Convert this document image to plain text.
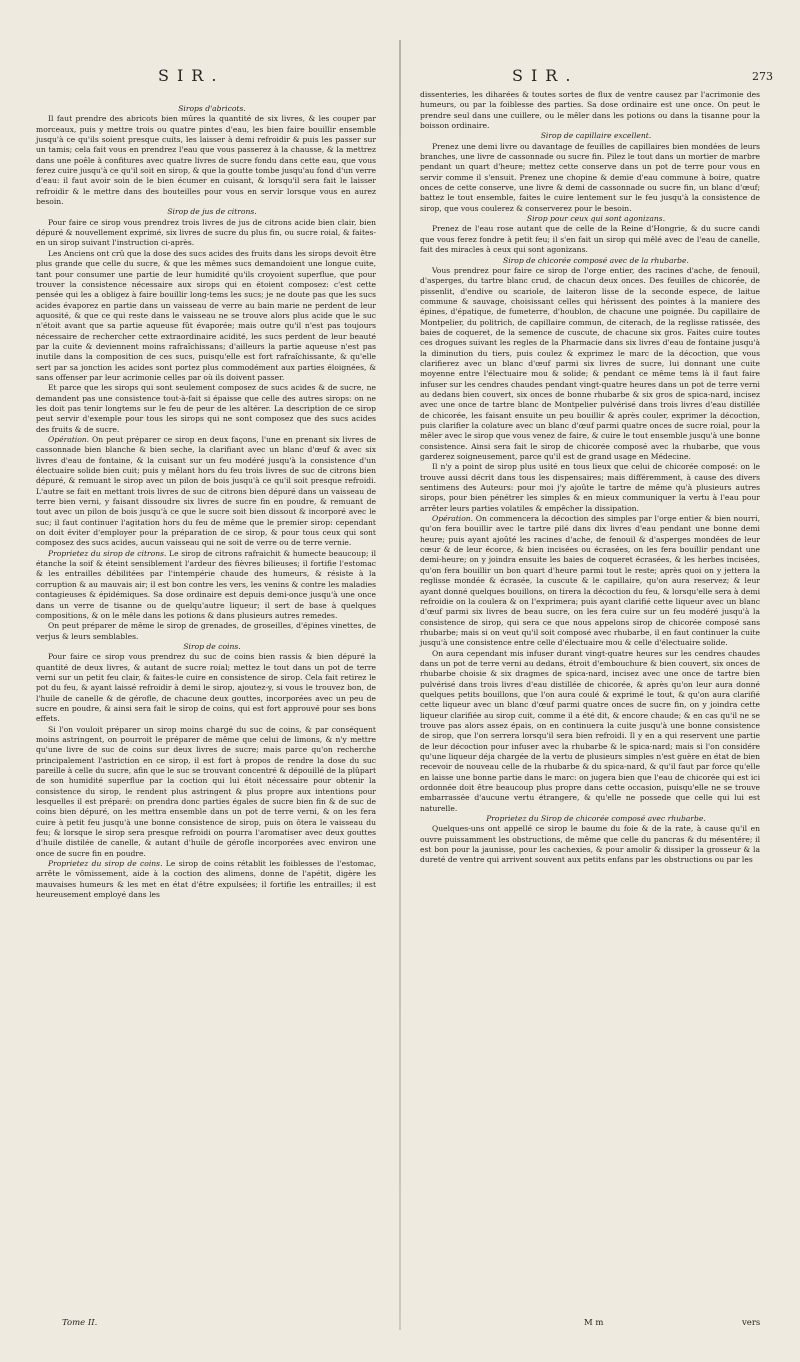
SIR.	SIR.	273

Sirops d'abricots.

Il faut prendre des abricots bien mûres la quantité de six livres, & les couper par morceaux, puis y mettre trois ou quatre pintes d'eau, les bien faire bouillir ensemble jusqu'à ce qu'ils soient presque cuits, les laisser à demi refroidir & puis les passer sur un tamis; cela fait vous en prendrez l'eau que vous passerez à la chausse, & la mettrez dans une poêle à confitures avec quatre livres de sucre fondu dans cette eau, que vous ferez cuire jusqu'à ce qu'il soit en sirop, & que la goutte tombe jusqu'au fond d'un verre d'eau: il faut avoir soin de le bien écumer en cuisant, & lorsqu'il sera fait le laisser refroidir & le mettre dans des bouteilles pour vous en servir lorsque vous en aurez besoin.

Sirop de jus de citrons.

Pour faire ce sirop vous prendrez trois livres de jus de citrons acide bien clair, bien dépuré & nouvellement exprimé, six livres de sucre du plus fin, ou sucre roial, & faites-en un sirop suivant l'instruction ci-après.

Les Anciens ont crû que la dose des sucs acides des fruits dans les sirops devoit être plus grande que celle du sucre, & que les mêmes sucs demandoient une longue cuite, tant pour consumer une partie de leur humidité qu'ils croyoient superflue, que pour trouver la consistence nécessaire aux sirops qui en étoient composez: c'est cette pensée qui les a obligez à faire bouillir long-tems les sucs; je ne doute pas que les sucs acides évaporez en partie dans un vaisseau de verre au bain marie ne perdent de leur aquosité, & que ce qui reste dans le vaisseau ne se trouve alors plus acide que le suc n'étoit avant que sa partie aqueuse fût évaporée; mais outre qu'il n'est pas toujours nécessaire de rechercher cette extraordinaire acidité, les sucs perdent de leur beauté par la cuite & deviennent moins rafraîchissans; d'ailleurs la partie aqueuse n'est pas inutile dans la composition de ces sucs, puisqu'elle est fort rafraîchissante, & qu'elle sert par sa jonction les acides sont portez plus commodément aux parties éloignées, & sans offenser par leur acrimonie celles par où ils doivent passer.

Et parce que les sirops qui sont seulement composez de sucs acides & de sucre, ne demandent pas une consistence tout-à-fait si épaisse que celle des autres sirops: on ne les doit pas tenir longtems sur le feu de peur de les altérer. La description de ce sirop peut servir d'exemple pour tous les sirops qui ne sont composez que des sucs acides des fruits & de sucre.

Opération. On peut préparer ce sirop en deux façons, l'une en prenant six livres de cassonnade bien blanche & bien seche, la clarifiant avec un blanc d'œuf & avec six livres d'eau de fontaine, & la cuisant sur un feu modéré jusqu'à la consistence d'un électuaire solide bien cuit; puis y mêlant hors du feu trois livres de suc de citrons bien dépuré, & remuant le sirop avec un pilon de bois jusqu'à ce qu'il soit presque refroidi. L'autre se fait en mettant trois livres de suc de citrons bien dépuré dans un vaisseau de terre bien verni, y faisant dissoudre six livres de sucre fin en poudre, & remuant de tout avec un pilon de bois jusqu'à ce que le sucre soit bien dissout & incorporé avec le suc; il faut continuer l'agitation hors du feu de même que le premier sirop: cependant on doit éviter d'employer pour la préparation de ce sirop, & pour tous ceux qui sont composez des sucs acides, aucun vaisseau qui ne soit de verre ou de terre vernie.

Proprietez du sirop de citrons. Le sirop de citrons rafraichit & humecte beaucoup; il étanche la soif & éteint sensiblement l'ardeur des fièvres bilieuses; il fortifie l'estomac & les entrailles débilitées par l'intempérie chaude des humeurs, & résiste à la corruption & au mauvais air; il est bon contre les vers, les venins & contre les maladies contagieuses & épidémiques. Sa dose ordinaire est depuis demi-once jusqu'à une once dans un verre de tisanne ou de quelqu'autre liqueur; il sert de base à quelques compositions, & on le mêle dans les potions & dans plusieurs autres remedes.

On peut préparer de même le sirop de grenades, de groseilles, d'épines vinettes, de verjus & leurs semblables.

Sirop de coins.

Pour faire ce sirop vous prendrez du suc de coins bien rassis & bien dépuré la quantité de deux livres, & autant de sucre roial; mettez le tout dans un pot de terre verni sur un petit feu clair, & faites-le cuire en consistence de sirop. Cela fait retirez le pot du feu, & ayant laissé refroidir à demi le sirop, ajoutez-y, si vous le trouvez bon, de l'huile de canelle & de gérofle, de chacune deux gouttes, incorporées avec un peu de sucre en poudre, & ainsi sera fait le sirop de coins, qui est fort approuvé pour ses bons effets.

Si l'on vouloit préparer un sirop moins chargé du suc de coins, & par conséquent moins astringent, on pourroit le préparer de même que celui de limons, & n'y mettre qu'une livre de suc de coins sur deux livres de sucre; mais parce qu'on recherche principalement l'astriction en ce sirop, il est fort à propos de rendre la dose du suc pareille à celle du sucre, afin que le suc se trouvant concentré & dépouillé de la plûpart de son humidité superflue par la coction qui lui étoit nécessaire pour obtenir la consistence du sirop, le rendent plus astringent & plus propre aux intentions pour lesquelles il est préparé: on prendra donc parties égales de sucre bien fin & de suc de coins bien dépuré, on les mettra ensemble dans un pot de terre verni, & on les fera cuire à petit feu jusqu'à une bonne consistence de sirop, puis on ôtera le vaisseau du feu; & lorsque le sirop sera presque refroidi on pourra l'aromatiser avec deux gouttes d'huile distilée de canelle, & autant d'huile de gérofle incorporées avec environ une once de sucre fin en poudre.

Proprietez du sirop de coins. Le sirop de coins rétablit les foiblesses de l'estomac, arrête le vômissement, aide à la coction des alimens, donne de l'apétit, digère les mauvaises humeurs & les met en état d'être expulsées; il fortifie les entrailles; il est heureusement employé dans les

dissenteries, les diharées & toutes sortes de flux de ventre causez par l'acrimonie des humeurs, ou par la foiblesse des parties. Sa dose ordinaire est une once. On peut le prendre seul dans une cuillere, ou le mêler dans les potions ou dans la tisanne pour la boisson ordinaire.

Sirop de capillaire excellent.

Prenez une demi livre ou davantage de feuilles de capillaires bien mondées de leurs branches, une livre de cassonnade ou sucre fin. Pilez le tout dans un mortier de marbre pendant un quart d'heure; mettez cette conserve dans un pot de terre pour vous en servir comme il s'ensuit. Prenez une chopine & demie d'eau commune à boire, quatre onces de cette conserve, une livre & demi de cassonnade ou sucre fin, un blanc d'œuf; battez le tout ensemble, faites le cuire lentement sur le feu jusqu'à la consistence de sirop, que vous coulerez & conserverez pour le besoin.

Sirop pour ceux qui sont agonizans.

Prenez de l'eau rose autant que de celle de la Reine d'Hongrie, & du sucre candi que vous ferez fondre à petit feu; il s'en fait un sirop qui mêlé avec de l'eau de canelle, fait des miracles à ceux qui sont agonizans.

Sirop de chicorée composé avec de la rhubarbe.

Vous prendrez pour faire ce sirop de l'orge entier, des racines d'ache, de fenouil, d'asperges, du tartre blanc crud, de chacun deux onces. Des feuilles de chicorée, de pissenlit, d'endive ou scariole, de laiteron lisse de la seconde espece, de laitue commune & sauvage, choisissant celles qui hérissent des pointes à la maniere des épines, d'épatique, de fumeterre, d'houblon, de chacune une poignée. Du capillaire de Montpelier, du politrich, de capillaire commun, de citerach, de la reglisse ratissée, des baies de coqueret, de la semence de cuscute, de chacune six gros. Faites cuire toutes ces drogues suivant les regles de la Pharmacie dans six livres d'eau de fontaine jusqu'à la diminution du tiers, puis coulez & exprimez le marc de la décoction, que vous clarifierez avec un blanc d'œuf parmi six livres de sucre, lui donnant une cuite moyenne entre l'électuaire mou & solide; & pendant ce même tems là il faut faire infuser sur les cendres chaudes pendant vingt-quatre heures dans un pot de terre verni au dedans bien couvert, six onces de bonne rhubarbe & six gros de spica-nard, incisez avec une once de tartre blanc de Montpelier pulvérisé dans trois livres d'eau distillée de chicorée, les faisant ensuite un peu bouillir & après couler, exprimer la décoction, puis clarifier la colature avec un blanc d'œuf parmi quatre onces de sucre roial, pour la mêler avec le sirop que vous venez de faire, & cuire le tout ensemble jusqu'à une bonne consistence. Ainsi sera fait le sirop de chicorée composé avec la rhubarbe, que vous garderez soigneusement, parce qu'il est de grand usage en Médecine.

Il n'y a point de sirop plus usité en tous lieux que celui de chicorée composé: on le trouve aussi décrit dans tous les dispensaires; mais différemment, à cause des divers sentimens des Auteurs: pour moi j'y ajoûte le tartre de même qu'à plusieurs autres sirops, pour bien pénétrer les simples & en mieux communiquer la vertu à l'eau pour arrêter leurs parties volatiles & empêcher la dissipation.

Opération. On commencera la décoction des simples par l'orge entier & bien nourri, qu'on fera bouillir avec le tartre pilé dans dix livres d'eau pendant une bonne demi heure; puis ayant ajoûté les racines d'ache, de fenouil & d'asperges mondées de leur cœur & de leur écorce, & bien incisées ou écrasées, on les fera bouillir pendant une demi-heure; on y joindra ensuite les baies de coqueret écrasées, & les herbes incisées, qu'on fera bouillir un bon quart d'heure parmi tout le reste; après quoi on y jettera la reglisse mondée & écrasée, la cuscute & le capillaire, qu'on aura reservez; & leur ayant donné quelques bouillons, on tirera la décoction du feu, & lorsqu'elle sera à demi refroidie on la coulera & on l'exprimera; puis ayant clarifié cette liqueur avec un blanc d'œuf parmi six livres de beau sucre, on les fera cuire sur un feu modéré jusqu'à la consistence de sirop, qui sera ce que nous appelons sirop de chicorée composé sans rhubarbe; mais si on veut qu'il soit composé avec rhubarbe, il en faut continuer la cuite jusqu'à une consistence entre celle d'électuaire mou & celle d'électuaire solide.

On aura cependant mis infuser durant vingt-quatre heures sur les cendres chaudes dans un pot de terre verni au dedans, étroit d'embouchure & bien couvert, six onces de rhubarbe choisie & six dragmes de spica-nard, incisez avec une once de tartre bien pulvérisé dans trois livres d'eau distillée de chicorée, & après qu'on leur aura donné quelques petits bouillons, que l'on aura coulé & exprimé le tout, & qu'on aura clarifié cette liqueur avec un blanc d'œuf parmi quatre onces de sucre fin, on y joindra cette liqueur clarifiée au sirop cuit, comme il a été dit, & encore chaude; & en cas qu'il ne se trouve pas alors assez épais, on en continuera la cuite jusqu'à une bonne consistence de sirop, que l'on serrera lorsqu'il sera bien refroidi. Il y en a qui reservent une partie de leur décoction pour infuser avec la rhubarbe & le spica-nard; mais si l'on considére qu'une liqueur déja chargée de la vertu de plusieurs simples n'est guère en état de bien recevoir de nouveau celle de la rhubarbe & du spica-nard, & qu'il faut par force qu'elle en laisse une bonne partie dans le marc: on jugera bien que l'eau de chicorée qui est ici ordonnée doit être beaucoup plus propre dans cette occasion, puisqu'elle ne se trouve embarrassée d'aucune vertu étrangere, & qu'elle ne possede que celle qui lui est naturelle.

Proprietez du Sirop de chicorée composé avec rhubarbe.

Quelques-uns ont appellé ce sirop le baume du foie & de la rate, à cause qu'il en ouvre puissamment les obstructions, de même que celle du pancras & du mésentére; il est bon pour la jaunisse, pour les cachexies, & pour amolir & dissiper la grosseur & la dureté de ventre qui arrivent souvent aux petits enfans par les obstructions ou par les

Tome II.	M m	vers
